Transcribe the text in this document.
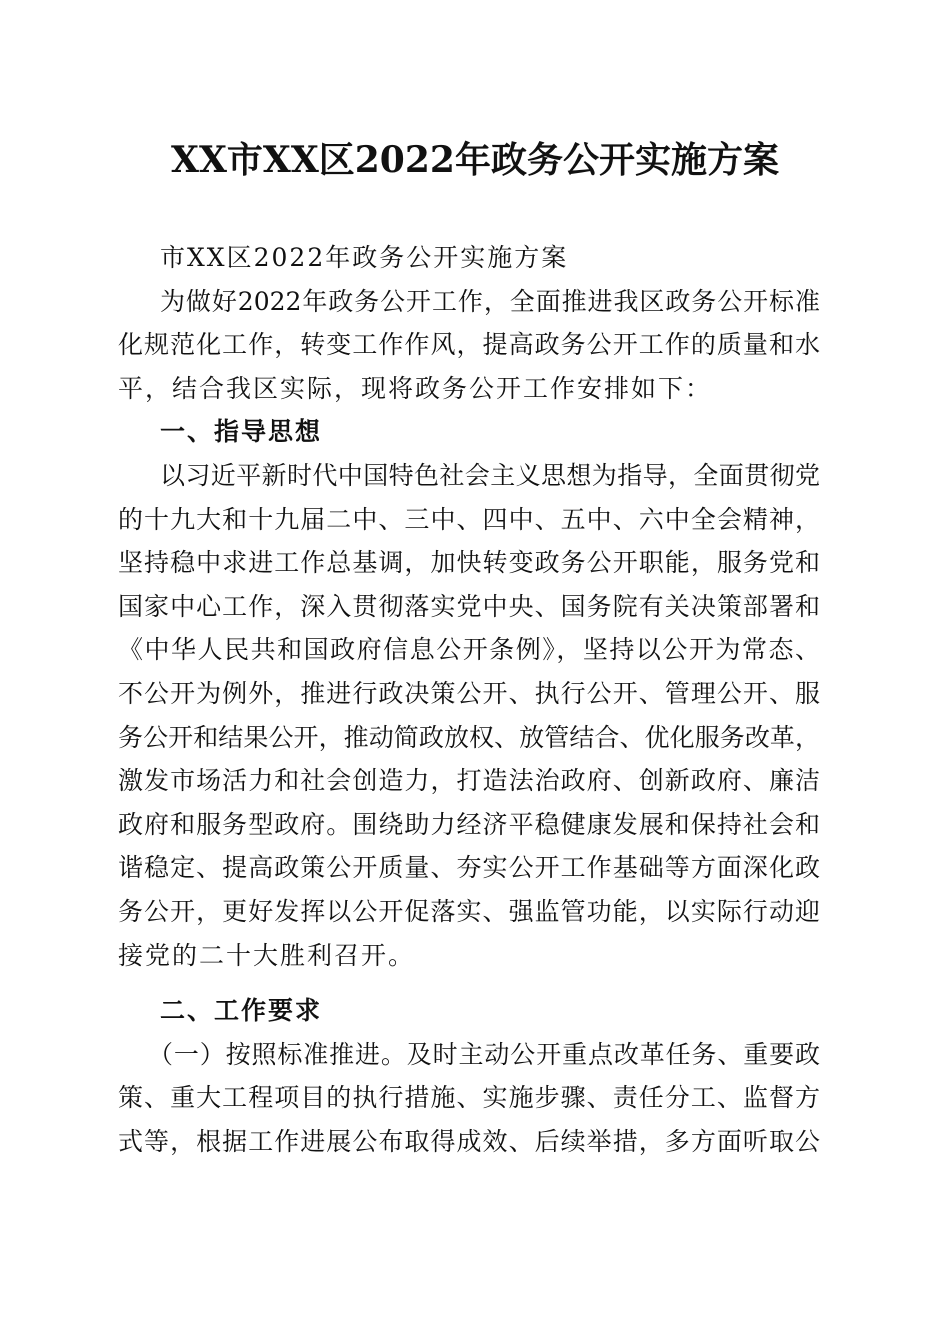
XX市XX区2022年政务公开实施方案
市XX区2022年政务公开实施方案
为做好2022年政务公开工作，全面推进我区政务公开标准
化规范化工作，转变工作作风，提高政务公开工作的质量和水
平，结合我区实际，现将政务公开工作安排如下：
一、指导思想
以习近平新时代中国特色社会主义思想为指导，全面贯彻党
的十九大和十九届二中、三中、四中、五中、六中全会精神，
坚持稳中求进工作总基调，加快转变政务公开职能，服务党和
国家中心工作，深入贯彻落实党中央、国务院有关决策部署和
《中华人民共和国政府信息公开条例》，坚持以公开为常态、
不公开为例外，推进行政决策公开、执行公开、管理公开、服
务公开和结果公开，推动简政放权、放管结合、优化服务改革，
激发市场活力和社会创造力，打造法治政府、创新政府、廉洁
政府和服务型政府。围绕助力经济平稳健康发展和保持社会和
谐稳定、提高政策公开质量、夯实公开工作基础等方面深化政
务公开，更好发挥以公开促落实、强监管功能，以实际行动迎
接党的二十大胜利召开。
二、工作要求
（一）按照标准推进。及时主动公开重点改革任务、重要政
策、重大工程项目的执行措施、实施步骤、责任分工、监督方
式等，根据工作进展公布取得成效、后续举措，多方面听取公
